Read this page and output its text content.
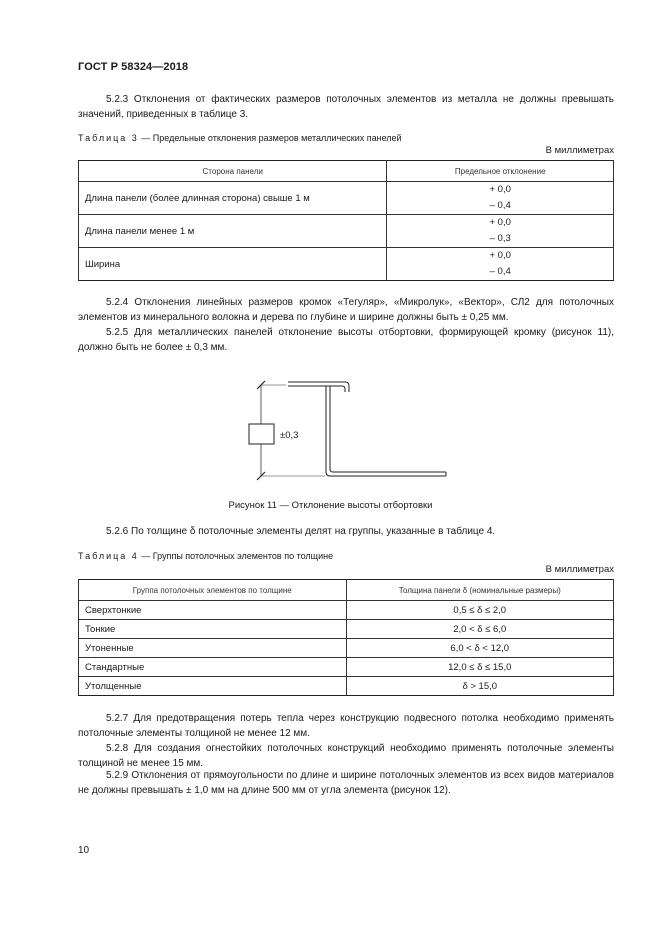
ГОСТ Р 58324—2018
5.2.3 Отклонения от фактических размеров потолочных элементов из металла не должны превышать значений, приведенных в таблице 3.
Таблица 3 — Предельные отклонения размеров металлических панелей
В миллиметрах
Сторона панели	Предельное отклонение
Длина панели (более длинная сторона) свыше 1 м	+ 0,0
– 0,4

Длина панели менее 1 м	+ 0,0
– 0,3

Ширина	+ 0,0
– 0,4
5.2.4 Отклонения линейных размеров кромок «Тегуляр», «Микролук», «Вектор», СЛ2 для потолочных элементов из минерального волокна и дерева по глубине и ширине должны быть ± 0,25 мм.
5.2.5 Для металлических панелей отклонение высоты отбортовки, формирующей кромку (рисунок 11), должно быть не более ± 0,3 мм.
±0,3
Рисунок 11 — Отклонение высоты отбортовки
5.2.6 По толщине δ потолочные элементы делят на группы, указанные в таблице 4.
Таблица 4 — Группы потолочных элементов по толщине
В миллиметрах
Группа потолочных элементов по толщине	Толщина панели δ (номинальные размеры)
Сверхтонкие	0,5 ≤ δ ≤ 2,0
Тонкие	2,0 < δ ≤ 6,0
Утоненные	6,0 < δ < 12,0
Стандартные	12,0 ≤ δ ≤ 15,0
Утолщенные	δ > 15,0
5.2.7 Для предотвращения потерь тепла через конструкцию подвесного потолка необходимо применять потолочные элементы толщиной не менее 12 мм.
5.2.8 Для создания огнестойких потолочных конструкций необходимо применять потолочные элементы толщиной не менее 15 мм.
5.2.9 Отклонения от прямоугольности по длине и ширине потолочных элементов из всех видов материалов не должны превышать ± 1,0 мм на длине 500 мм от угла элемента (рисунок 12).
10
